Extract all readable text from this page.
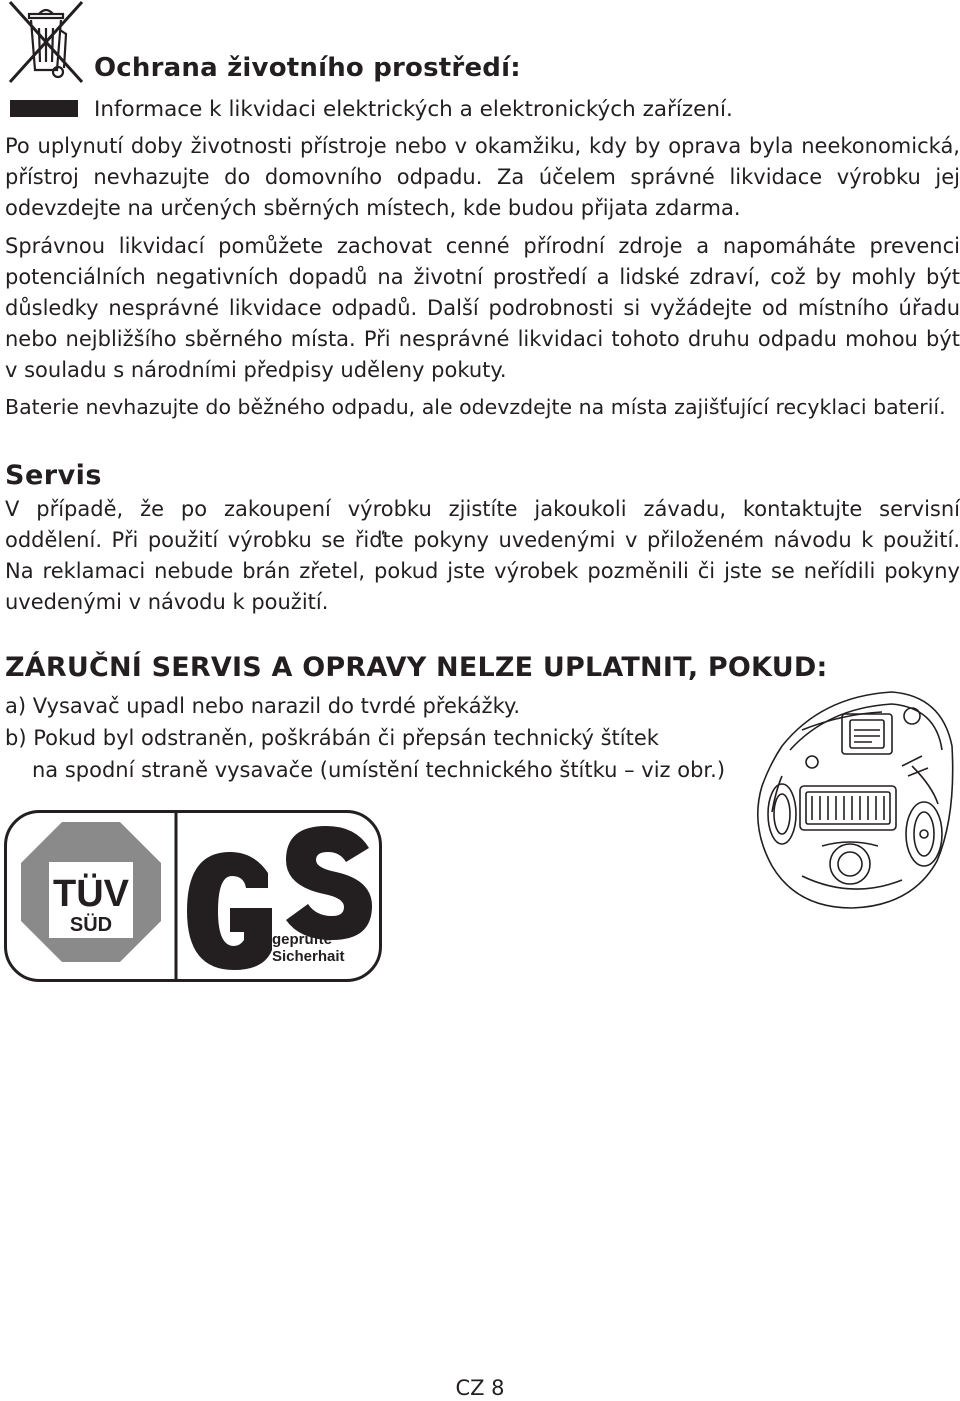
Ochrana životního prostředí:
Informace k likvidaci elektrických a elektronických zařízení.

Po uplynutí doby životnosti přístroje nebo v okamžiku, kdy by oprava byla neekonomická, přístroj nevhazujte do domovního odpadu. Za účelem správné likvidace výrobku jej odevzdejte na určených sběrných místech, kde budou přijata zdarma.

Správnou likvidací pomůžete zachovat cenné přírodní zdroje a napomáháte prevenci potenciálních negativních dopadů na životní prostředí a lidské zdraví, což by mohly být důsledky nesprávné likvidace odpadů. Další podrobnosti si vyžádejte od místního úřadu nebo nejbližšího sběrného místa. Při nesprávné likvidaci tohoto druhu odpadu mohou být v souladu s národními předpisy uděleny pokuty.

Baterie nevhazujte do běžného odpadu, ale odevzdejte na místa zajišťující recyklaci baterií.

Servis

V případě, že po zakoupení výrobku zjistíte jakoukoli závadu, kontaktujte servisní oddělení. Při použití výrobku se řiďte pokyny uvedenými v přiloženém návodu k použití. Na reklamaci nebude brán zřetel, pokud jste výrobek pozměnili či jste se neřídili pokyny uvedenými v návodu k použití.

ZÁRUČNÍ SERVIS A OPRAVY NELZE UPLATNIT, POKUD:
a) Vysavač upadl nebo narazil do tvrdé překážky.
b) Pokud byl odstraněn, poškrábán či přepsán technický štítek
na spodní straně vysavače (umístění technického štítku – viz obr.)
TÜV
SÜD
geprüfte
Sicherhait
CZ 8
